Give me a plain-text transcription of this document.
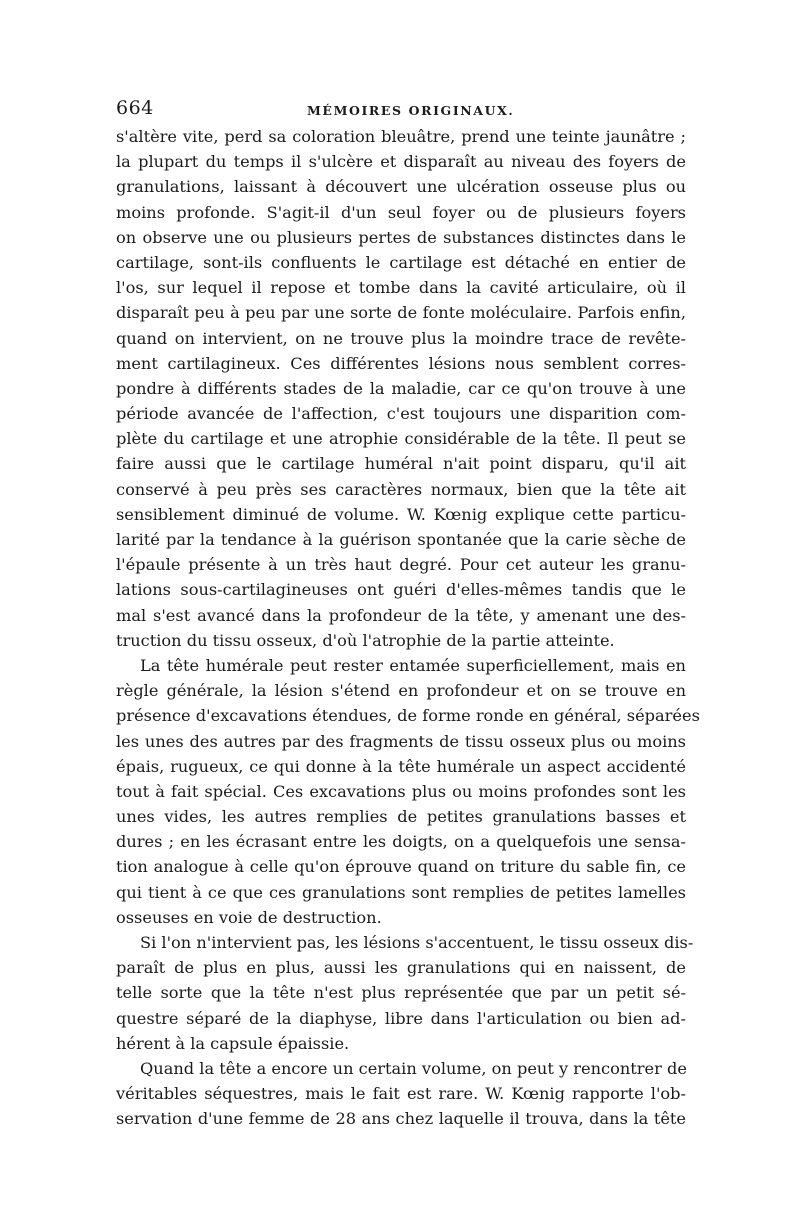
664	MÉMOIRES ORIGINAUX.
s'altère vite, perd sa coloration bleuâtre, prend une teinte jaunâtre ;
la plupart du temps il s'ulcère et disparaît au niveau des foyers de
granulations, laissant à découvert une ulcération osseuse plus ou
moins profonde. S'agit-il d'un seul foyer ou de plusieurs foyers
on observe une ou plusieurs pertes de substances distinctes dans le
cartilage, sont-ils confluents le cartilage est détaché en entier de
l'os, sur lequel il repose et tombe dans la cavité articulaire, où il
disparaît peu à peu par une sorte de fonte moléculaire. Parfois enfin,
quand on intervient, on ne trouve plus la moindre trace de revête-
ment cartilagineux. Ces différentes lésions nous semblent corres-
pondre à différents stades de la maladie, car ce qu'on trouve à une
période avancée de l'affection, c'est toujours une disparition com-
plète du cartilage et une atrophie considérable de la tête. Il peut se
faire aussi que le cartilage huméral n'ait point disparu, qu'il ait
conservé à peu près ses caractères normaux, bien que la tête ait
sensiblement diminué de volume. W. Kœnig explique cette particu-
larité par la tendance à la guérison spontanée que la carie sèche de
l'épaule présente à un très haut degré. Pour cet auteur les granu-
lations sous-cartilagineuses ont guéri d'elles-mêmes tandis que le
mal s'est avancé dans la profondeur de la tête, y amenant une des-
truction du tissu osseux, d'où l'atrophie de la partie atteinte.
La tête humérale peut rester entamée superficiellement, mais en
règle générale, la lésion s'étend en profondeur et on se trouve en
présence d'excavations étendues, de forme ronde en général, séparées
les unes des autres par des fragments de tissu osseux plus ou moins
épais, rugueux, ce qui donne à la tête humérale un aspect accidenté
tout à fait spécial. Ces excavations plus ou moins profondes sont les
unes vides, les autres remplies de petites granulations basses et
dures ; en les écrasant entre les doigts, on a quelquefois une sensa-
tion analogue à celle qu'on éprouve quand on triture du sable fin, ce
qui tient à ce que ces granulations sont remplies de petites lamelles
osseuses en voie de destruction.
Si l'on n'intervient pas, les lésions s'accentuent, le tissu osseux dis-
paraît de plus en plus, aussi les granulations qui en naissent, de
telle sorte que la tête n'est plus représentée que par un petit sé-
questre séparé de la diaphyse, libre dans l'articulation ou bien ad-
hérent à la capsule épaissie.
Quand la tête a encore un certain volume, on peut y rencontrer de
véritables séquestres, mais le fait est rare. W. Kœnig rapporte l'ob-
servation d'une femme de 28 ans chez laquelle il trouva, dans la tête
